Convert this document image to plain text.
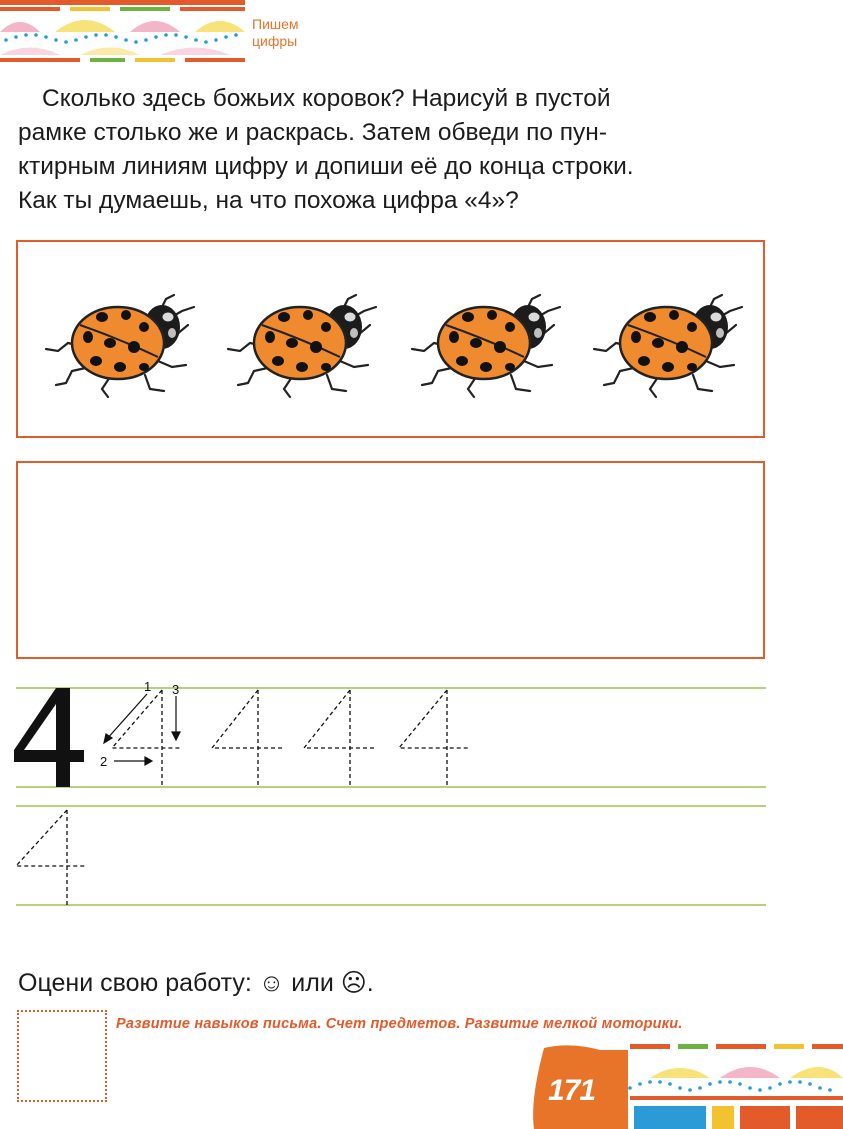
Пишем
цифры

Сколько здесь божьих коровок? Нарисуй в пустой

рамке столько же и раскрась. Затем обведи по пун-

ктирным линиям цифру и допиши её до конца строки.

Как ты думаешь, на что похожа цифра «4»?

1
2
3
Оцени свою работу: ☺ или ☹.
Развитие навыков письма. Счет предметов. Развитие мелкой моторики.
171
